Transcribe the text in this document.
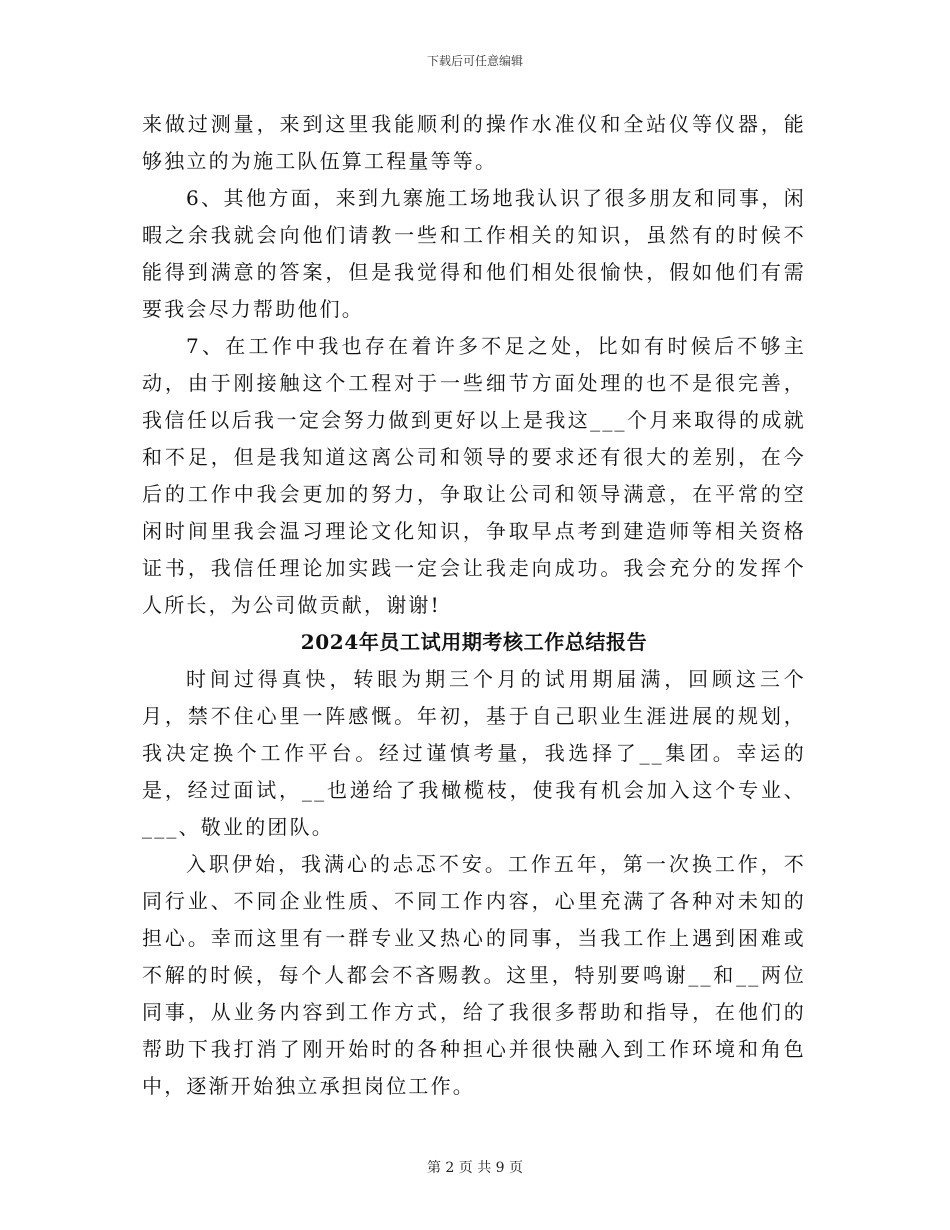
下载后可任意编辑

来做过测量，来到这里我能顺利的操作水准仪和全站仪等仪器，能够独立的为施工队伍算工程量等等。

6、其他方面，来到九寨施工场地我认识了很多朋友和同事，闲暇之余我就会向他们请教一些和工作相关的知识，虽然有的时候不能得到满意的答案，但是我觉得和他们相处很愉快，假如他们有需要我会尽力帮助他们。

7、在工作中我也存在着许多不足之处，比如有时候后不够主动，由于刚接触这个工程对于一些细节方面处理的也不是很完善，我信任以后我一定会努力做到更好以上是我这___个月来取得的成就和不足，但是我知道这离公司和领导的要求还有很大的差别，在今后的工作中我会更加的努力，争取让公司和领导满意，在平常的空闲时间里我会温习理论文化知识，争取早点考到建造师等相关资格证书，我信任理论加实践一定会让我走向成功。我会充分的发挥个人所长，为公司做贡献，谢谢!

2024年员工试用期考核工作总结报告

时间过得真快，转眼为期三个月的试用期届满，回顾这三个月，禁不住心里一阵感慨。年初，基于自己职业生涯进展的规划，我决定换个工作平台。经过谨慎考量，我选择了__集团。幸运的是，经过面试，__也递给了我橄榄枝，使我有机会加入这个专业、___、敬业的团队。

入职伊始，我满心的忐忑不安。工作五年，第一次换工作，不同行业、不同企业性质、不同工作内容，心里充满了各种对未知的担心。幸而这里有一群专业又热心的同事，当我工作上遇到困难或不解的时候，每个人都会不吝赐教。这里，特别要鸣谢__和__两位同事，从业务内容到工作方式，给了我很多帮助和指导，在他们的帮助下我打消了刚开始时的各种担心并很快融入到工作环境和角色中，逐渐开始独立承担岗位工作。

第 2 页 共 9 页
